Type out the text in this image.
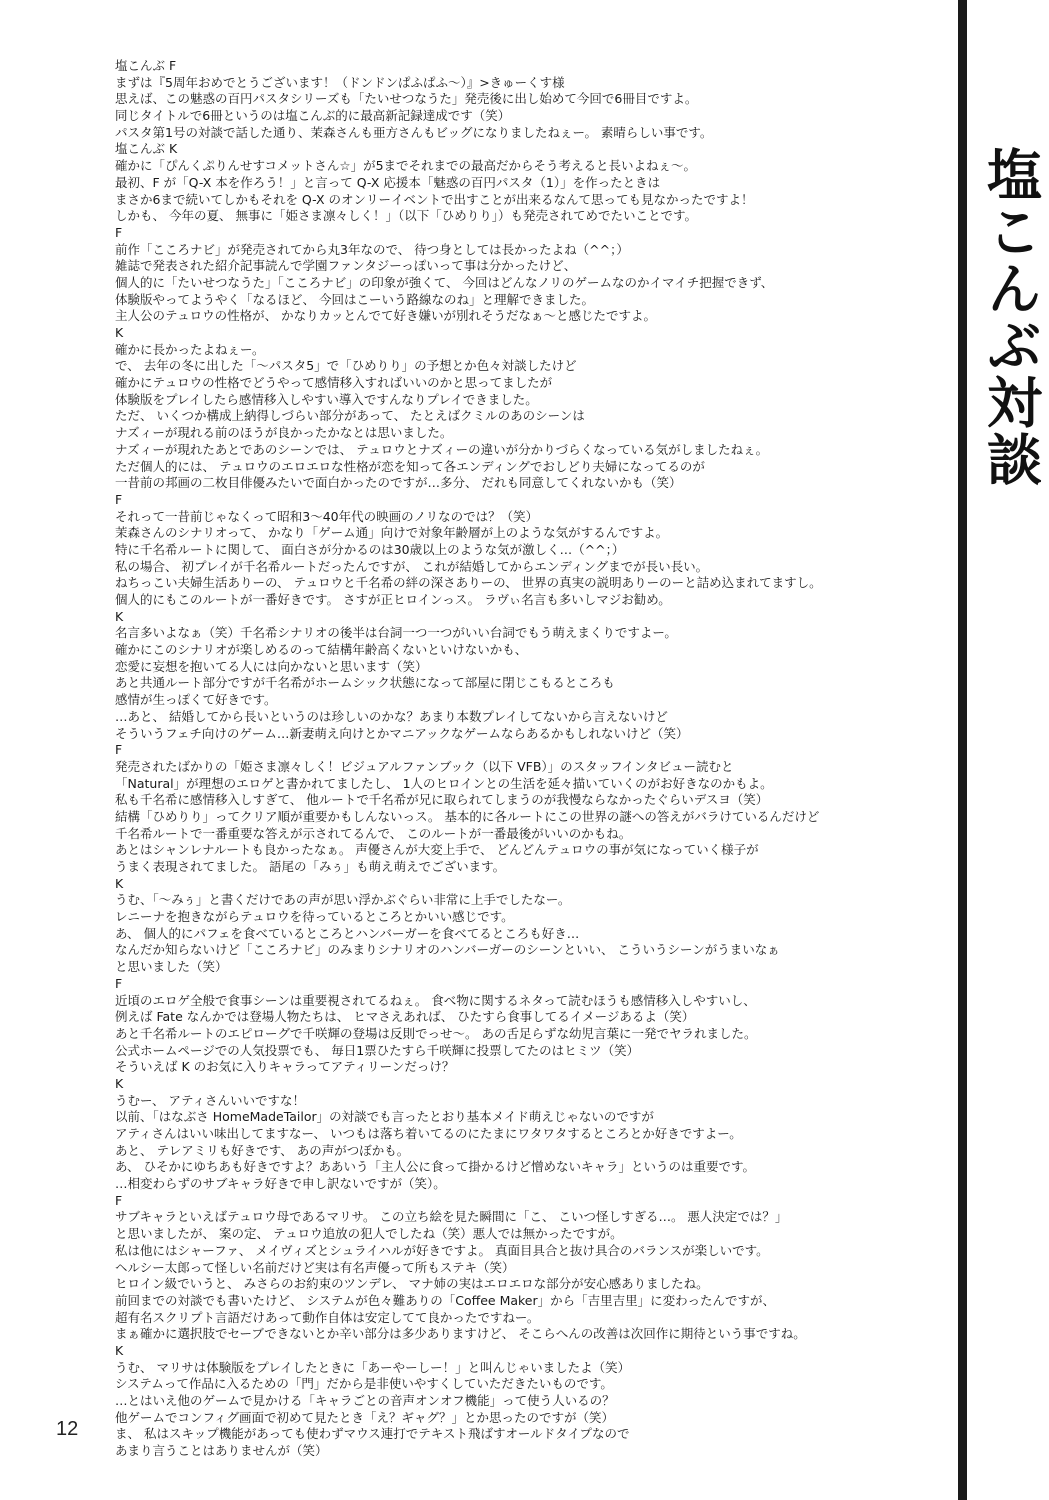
塩こんぶ F
まずは『5周年おめでとうございます！（ドンドンぱふぱふ〜）』>きゅーくす様
思えば、この魅惑の百円パスタシリーズも「たいせつなうた」発売後に出し始めて今回で6冊目ですよ。
同じタイトルで6冊というのは塩こんぶ的に最高新記録達成です（笑）
パスタ第1号の対談で話した通り、茉森さんも亜方さんもビッグになりましたねぇー。 素晴らしい事です。
塩こんぶ K
確かに「ぴんくぷりんせすコメットさん☆」が5までそれまでの最高だからそう考えると長いよねぇ〜。
最初、F が「Q-X 本を作ろう！」と言って Q-X 応援本「魅惑の百円パスタ（1）」を作ったときは
まさか6まで続いてしかもそれを Q-X のオンリーイベントで出すことが出来るなんて思っても見なかったですよ！
しかも、 今年の夏、 無事に「姫さま凛々しく！」（以下「ひめりり」）も発売されてめでたいことです。
F
前作「こころナビ」が発売されてから丸3年なので、 待つ身としては長かったよね（^^；）
雑誌で発表された紹介記事読んで学園ファンタジーっぽいって事は分かったけど、
個人的に「たいせつなうた」「こころナビ」の印象が強くて、 今回はどんなノリのゲームなのかイマイチ把握できず、
体験版やってようやく「なるほど、 今回はこーいう路線なのね」と理解できました。
主人公のテュロウの性格が、 かなりカッとんでて好き嫌いが別れそうだなぁ〜と感じたですよ。
K
確かに長かったよねぇー。
で、 去年の冬に出した「〜パスタ5」で「ひめりり」の予想とか色々対談したけど
確かにテュロウの性格でどうやって感情移入すればいいのかと思ってましたが
体験版をプレイしたら感情移入しやすい導入ですんなりプレイできました。
ただ、 いくつか構成上納得しづらい部分があって、 たとえばクミルのあのシーンは
ナズィーが現れる前のほうが良かったかなとは思いました。
ナズィーが現れたあとであのシーンでは、 テュロウとナズィーの違いが分かりづらくなっている気がしましたねぇ。
ただ個人的には、 テュロウのエロエロな性格が恋を知って各エンディングでおしどり夫婦になってるのが
一昔前の邦画の二枚目俳優みたいで面白かったのですが…多分、 だれも同意してくれないかも（笑）
F
それって一昔前じゃなくって昭和3〜40年代の映画のノリなのでは？（笑）
茉森さんのシナリオって、 かなり「ゲーム通」向けで対象年齢層が上のような気がするんですよ。
特に千名希ルートに関して、 面白さが分かるのは30歳以上のような気が激しく…（^^；）
私の場合、 初プレイが千名希ルートだったんですが、 これが結婚してからエンディングまでが長い長い。
ねちっこい夫婦生活ありーの、 テュロウと千名希の絆の深さありーの、 世界の真実の説明ありーのーと詰め込まれてますし。
個人的にもこのルートが一番好きです。 さすが正ヒロインっス。 ラヴぃ名言も多いしマジお勧め。
K
名言多いよなぁ（笑）千名希シナリオの後半は台詞一つ一つがいい台詞でもう萌えまくりですよー。
確かにこのシナリオが楽しめるのって結構年齢高くないといけないかも、
恋愛に妄想を抱いてる人には向かないと思います（笑）
あと共通ルート部分ですが千名希がホームシック状態になって部屋に閉じこもるところも
感情が生っぽくて好きです。
…あと、 結婚してから長いというのは珍しいのかな？あまり本数プレイしてないから言えないけど
そういうフェチ向けのゲーム…新妻萌え向けとかマニアックなゲームならあるかもしれないけど（笑）
F
発売されたばかりの「姫さま凛々しく！ビジュアルファンブック（以下 VFB）」のスタッフインタビュー読むと
「Natural」が理想のエロゲと書かれてましたし、 1人のヒロインとの生活を延々描いていくのがお好きなのかもよ。
私も千名希に感情移入しすぎて、 他ルートで千名希が兄に取られてしまうのが我慢ならなかったぐらいデスヨ（笑）
結構「ひめりり」ってクリア順が重要かもしんないっス。 基本的に各ルートにこの世界の謎への答えがバラけているんだけど
千名希ルートで一番重要な答えが示されてるんで、 このルートが一番最後がいいのかもね。
あとはシャンレナルートも良かったなぁ。 声優さんが大変上手で、 どんどんテュロウの事が気になっていく様子が
うまく表現されてました。 語尾の「みぅ」も萌え萌えでございます。
K
うむ、「〜みぅ」と書くだけであの声が思い浮かぶぐらい非常に上手でしたなー。
レニーナを抱きながらテュロウを待っているところとかいい感じです。
あ、 個人的にパフェを食べているところとハンバーガーを食べてるところも好き…
なんだか知らないけど「こころナビ」のみまりシナリオのハンバーガーのシーンといい、 こういうシーンがうまいなぁ
と思いました（笑）
F
近頃のエロゲ全般で食事シーンは重要視されてるねぇ。 食べ物に関するネタって読むほうも感情移入しやすいし、
例えば Fate なんかでは登場人物たちは、 ヒマさえあれば、 ひたすら食事してるイメージあるよ（笑）
あと千名希ルートのエピローグで千咲輝の登場は反則でっせ〜。 あの舌足らずな幼児言葉に一発でヤラれました。
公式ホームページでの人気投票でも、 毎日1票ひたすら千咲輝に投票してたのはヒミツ（笑）
そういえば K のお気に入りキャラってアティリーンだっけ？
K
うむー、 アティさんいいですな！
以前、「はなぶさ HomeMadeTailor」の対談でも言ったとおり基本メイド萌えじゃないのですが
アティさんはいい味出してますなー、 いつもは落ち着いてるのにたまにワタワタするところとか好きですよー。
あと、 テレアミリも好きです、 あの声がつぼかも。
あ、 ひそかにゆちあも好きですよ？ああいう「主人公に食って掛かるけど憎めないキャラ」というのは重要です。
…相変わらずのサブキャラ好きで申し訳ないですが（笑）。
F
サブキャラといえばテュロウ母であるマリサ。 この立ち絵を見た瞬間に「こ、 こいつ怪しすぎる…。 悪人決定では？」
と思いましたが、 案の定、 テュロウ追放の犯人でしたね（笑）悪人では無かったですが。
私は他にはシャーファ、 メイヴィズとシュライハルが好きですよ。 真面目具合と抜け具合のバランスが楽しいです。
ヘルシー太郎って怪しい名前だけど実は有名声優って所もステキ（笑）
ヒロイン級でいうと、 みさらのお約束のツンデレ、 マナ姉の実はエロエロな部分が安心感ありましたね。
前回までの対談でも書いたけど、 システムが色々難ありの「Coffee Maker」から「吉里吉里」に変わったんですが、
超有名スクリプト言語だけあって動作自体は安定してて良かったですねー。
まぁ確かに選択肢でセーブできないとか辛い部分は多少ありますけど、 そこらへんの改善は次回作に期待という事ですね。
K
うむ、 マリサは体験版をプレイしたときに「あーやーしー！」と叫んじゃいましたよ（笑）
システムって作品に入るための「門」だから是非使いやすくしていただきたいものです。
…とはいえ他のゲームで見かける「キャラごとの音声オンオフ機能」って使う人いるの？
他ゲームでコンフィグ画面で初めて見たとき「え？ギャグ？」とか思ったのですが（笑）
ま、 私はスキップ機能があっても使わずマウス連打でテキスト飛ばすオールドタイプなので
あまり言うことはありませんが（笑）
塩こんぶ対談
12
